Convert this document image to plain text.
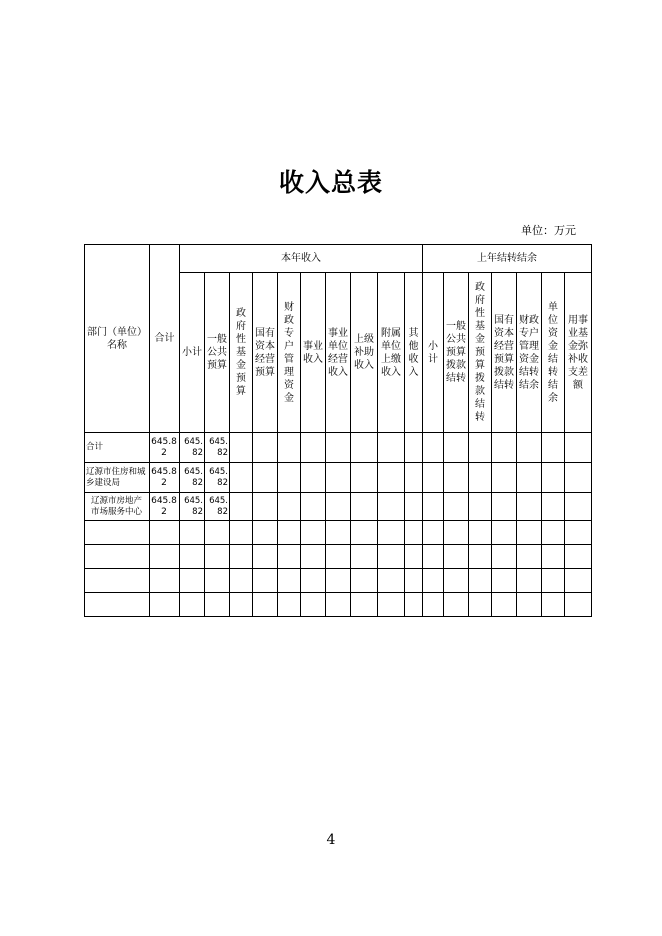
收入总表
单位：万元
部门（单位）名称	合计	本年收入										上年结转结余						
		小计	一般公共预算	政府性基金预算	国有资本经营预算	财政专户管理资金	事业收入	事业单位经营收入	上级补助收入	附属单位上缴收入	其他收入	小计	一般公共预算拨款结转	政府性基金预算拨款结转	国有资本经营预算拨款结转	财政专户管理资金结转结余	单位资金结转结余	用事业基金弥补收支差额
合计	645.82	645.82	645.82															
辽源市住房和城乡建设局	645.82	645.82	645.82															
辽源市房地产市场服务中心	645.82	645.82	645.82															

4
